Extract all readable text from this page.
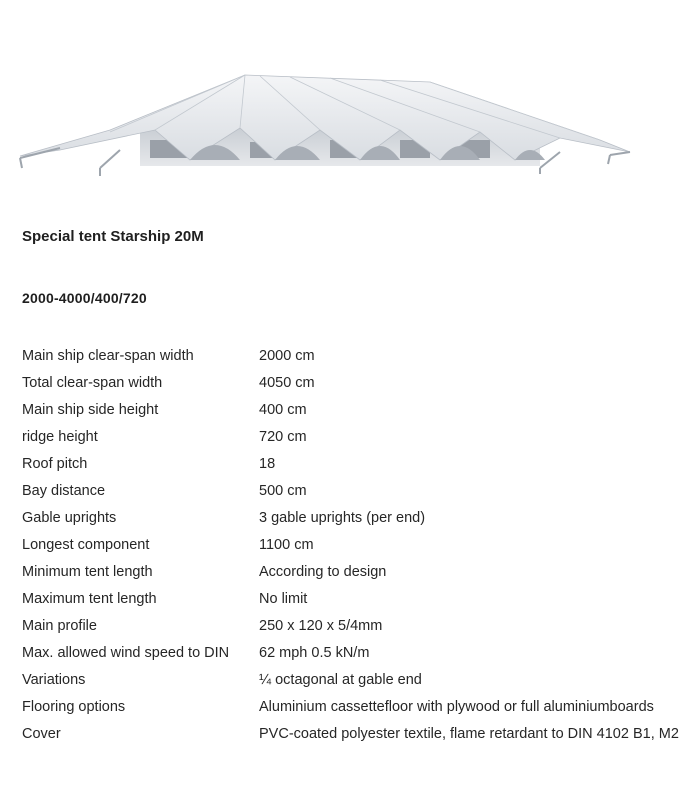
Special tent Starship 20M
2000-4000/400/720
Main ship clear-span width	2000 cm
Total clear-span width	4050 cm
Main ship side height	400 cm
ridge height	720 cm
Roof pitch	18
Bay distance	500 cm
Gable uprights	3 gable uprights (per end)
Longest component	1100 cm
Minimum tent length	According to design
Maximum tent length	No limit
Main profile	250 x 120 x 5/4mm
Max. allowed wind speed to DIN	62 mph 0.5 kN/m
Variations	¼ octagonal at gable end
Flooring options	Aluminium cassettefloor with plywood or full aluminiumboards
Cover	PVC-coated polyester textile, flame retardant to DIN 4102 B1, M2
